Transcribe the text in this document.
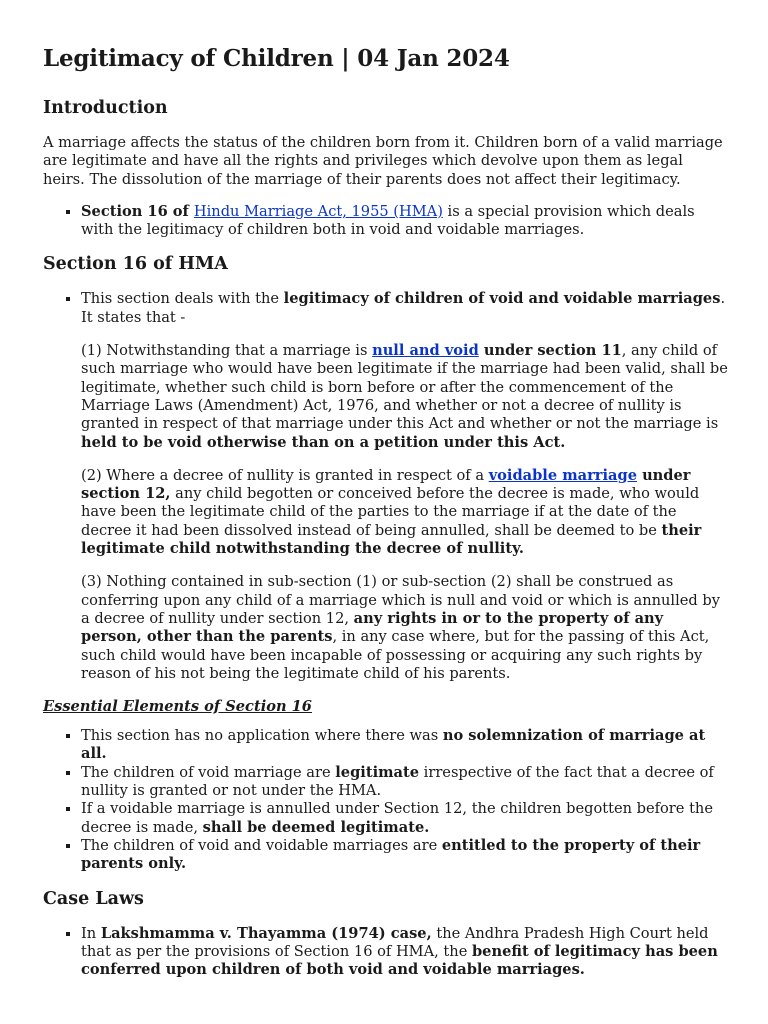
Legitimacy of Children | 04 Jan 2024
Introduction

A marriage affects the status of the children born from it. Children born of a valid marriage are legitimate and have all the rights and privileges which devolve upon them as legal heirs. The dissolution of the marriage of their parents does not affect their legitimacy.

▪ Section 16 of Hindu Marriage Act, 1955 (HMA) is a special provision which deals with the legitimacy of children both in void and voidable marriages.
Section 16 of HMA

▪ This section deals with the legitimacy of children of void and voidable marriages. It states that -

(1) Notwithstanding that a marriage is null and void under section 11, any child of such marriage who would have been legitimate if the marriage had been valid, shall be legitimate, whether such child is born before or after the commencement of the Marriage Laws (Amendment) Act, 1976, and whether or not a decree of nullity is granted in respect of that marriage under this Act and whether or not the marriage is held to be void otherwise than on a petition under this Act.

(2) Where a decree of nullity is granted in respect of a voidable marriage under section 12, any child begotten or conceived before the decree is made, who would have been the legitimate child of the parties to the marriage if at the date of the decree it had been dissolved instead of being annulled, shall be deemed to be their legitimate child notwithstanding the decree of nullity.

(3) Nothing contained in sub-section (1) or sub-section (2) shall be construed as conferring upon any child of a marriage which is null and void or which is annulled by a decree of nullity under section 12, any rights in or to the property of any person, other than the parents, in any case where, but for the passing of this Act, such child would have been incapable of possessing or acquiring any such rights by reason of his not being the legitimate child of his parents.

Essential Elements of Section 16
▪ This section has no application where there was no solemnization of marriage at all.
▪ The children of void marriage are legitimate irrespective of the fact that a decree of nullity is granted or not under the HMA.
▪ If a voidable marriage is annulled under Section 12, the children begotten before the decree is made, shall be deemed legitimate.
▪ The children of void and voidable marriages are entitled to the property of their parents only.
Case Laws
▪ In Lakshmamma v. Thayamma (1974) case, the Andhra Pradesh High Court held that as per the provisions of Section 16 of HMA, the benefit of legitimacy has been conferred upon children of both void and voidable marriages.
